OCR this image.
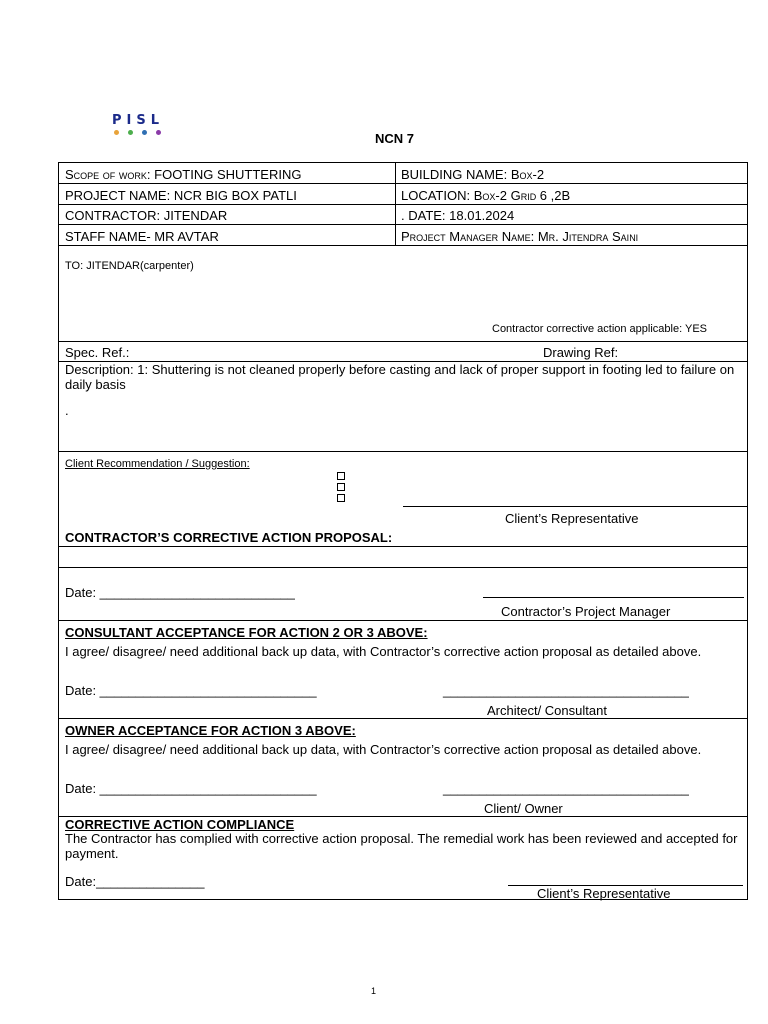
PISL
NCN 7
Scope of work: FOOTING SHUTTERING	BUILDING NAME: Box-2
PROJECT NAME: NCR BIG BOX PATLI	LOCATION: Box-2 Grid 6 ,2B
CONTRACTOR: JITENDAR	. DATE: 18.01.2024
STAFF NAME- MR AVTAR	Project Manager Name: Mr. Jitendra Saini
TO: JITENDAR(carpenter)
Contractor corrective action applicable: YES
Spec. Ref.:	Drawing Ref:
Description: 1: Shuttering is not cleaned properly before casting and lack of proper support in footing led to failure on daily basis
.
Client Recommendation / Suggestion:
Client’s Representative
CONTRACTOR’S CORRECTIVE ACTION PROPOSAL:
Date: ___________________________
Contractor’s Project Manager
CONSULTANT ACCEPTANCE FOR ACTION 2 OR 3 ABOVE:
I agree/ disagree/ need additional back up data, with Contractor’s corrective action proposal as detailed above.
Date: ______________________________	__________________________________
Architect/ Consultant
OWNER ACCEPTANCE FOR ACTION 3 ABOVE:
I agree/ disagree/ need additional back up data, with Contractor’s corrective action proposal as detailed above.
Date: ______________________________	__________________________________
Client/ Owner
CORRECTIVE ACTION COMPLIANCE
The Contractor has complied with corrective action proposal. The remedial work has been reviewed and accepted for payment.
Date:_______________
Client’s Representative
1
